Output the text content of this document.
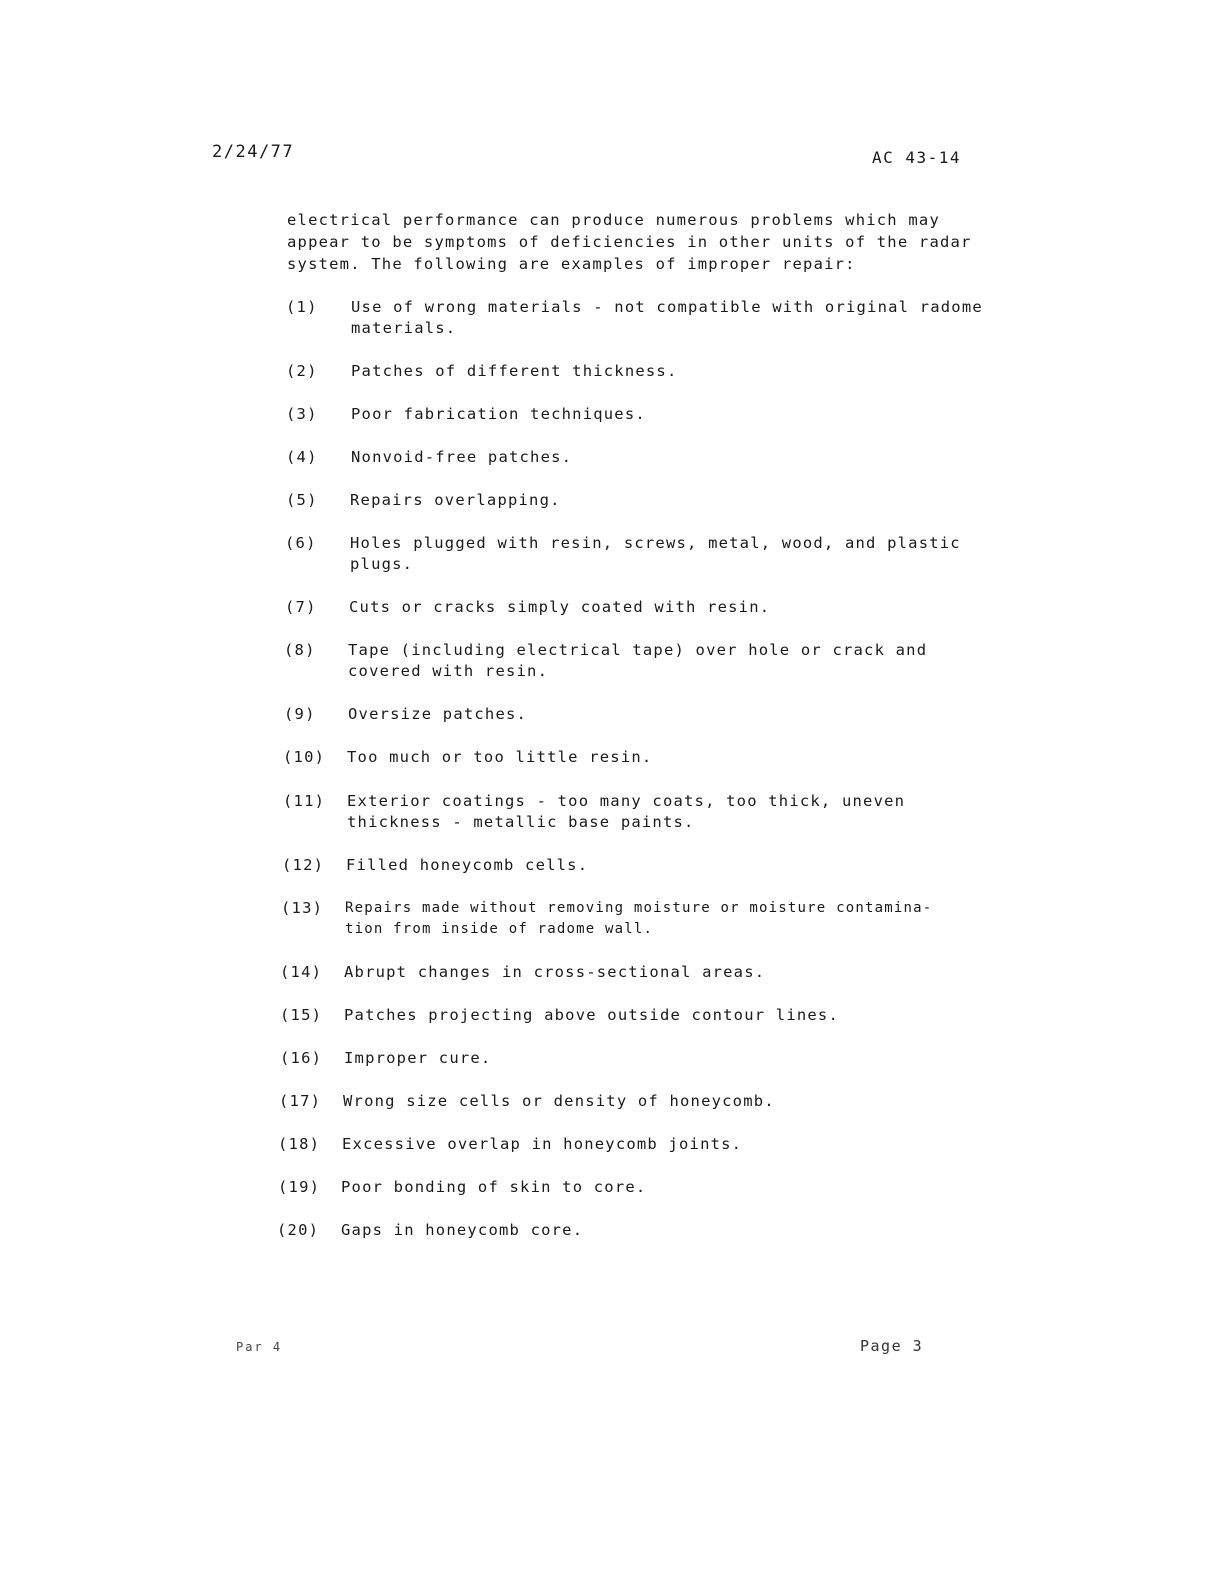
2/24/77	AC 43-14
electrical performance can produce numerous problems which may
appear to be symptoms of deficiencies in other units of the radar
system. The following are examples of improper repair:
(1) Use of wrong materials - not compatible with original radome
materials.
(2) Patches of different thickness.
(3) Poor fabrication techniques.
(4) Nonvoid-free patches.
(5) Repairs overlapping.
(6) Holes plugged with resin, screws, metal, wood, and plastic
plugs.
(7) Cuts or cracks simply coated with resin.
(8) Tape (including electrical tape) over hole or crack and
covered with resin.
(9) Oversize patches.
(10) Too much or too little resin.
(11) Exterior coatings - too many coats, too thick, uneven
thickness - metallic base paints.
(12) Filled honeycomb cells.
(13) Repairs made without removing moisture or moisture contamina-
tion from inside of radome wall.
(14) Abrupt changes in cross-sectional areas.
(15) Patches projecting above outside contour lines.
(16) Improper cure.
(17) Wrong size cells or density of honeycomb.
(18) Excessive overlap in honeycomb joints.
(19) Poor bonding of skin to core.
(20) Gaps in honeycomb core.
Par 4	Page 3
